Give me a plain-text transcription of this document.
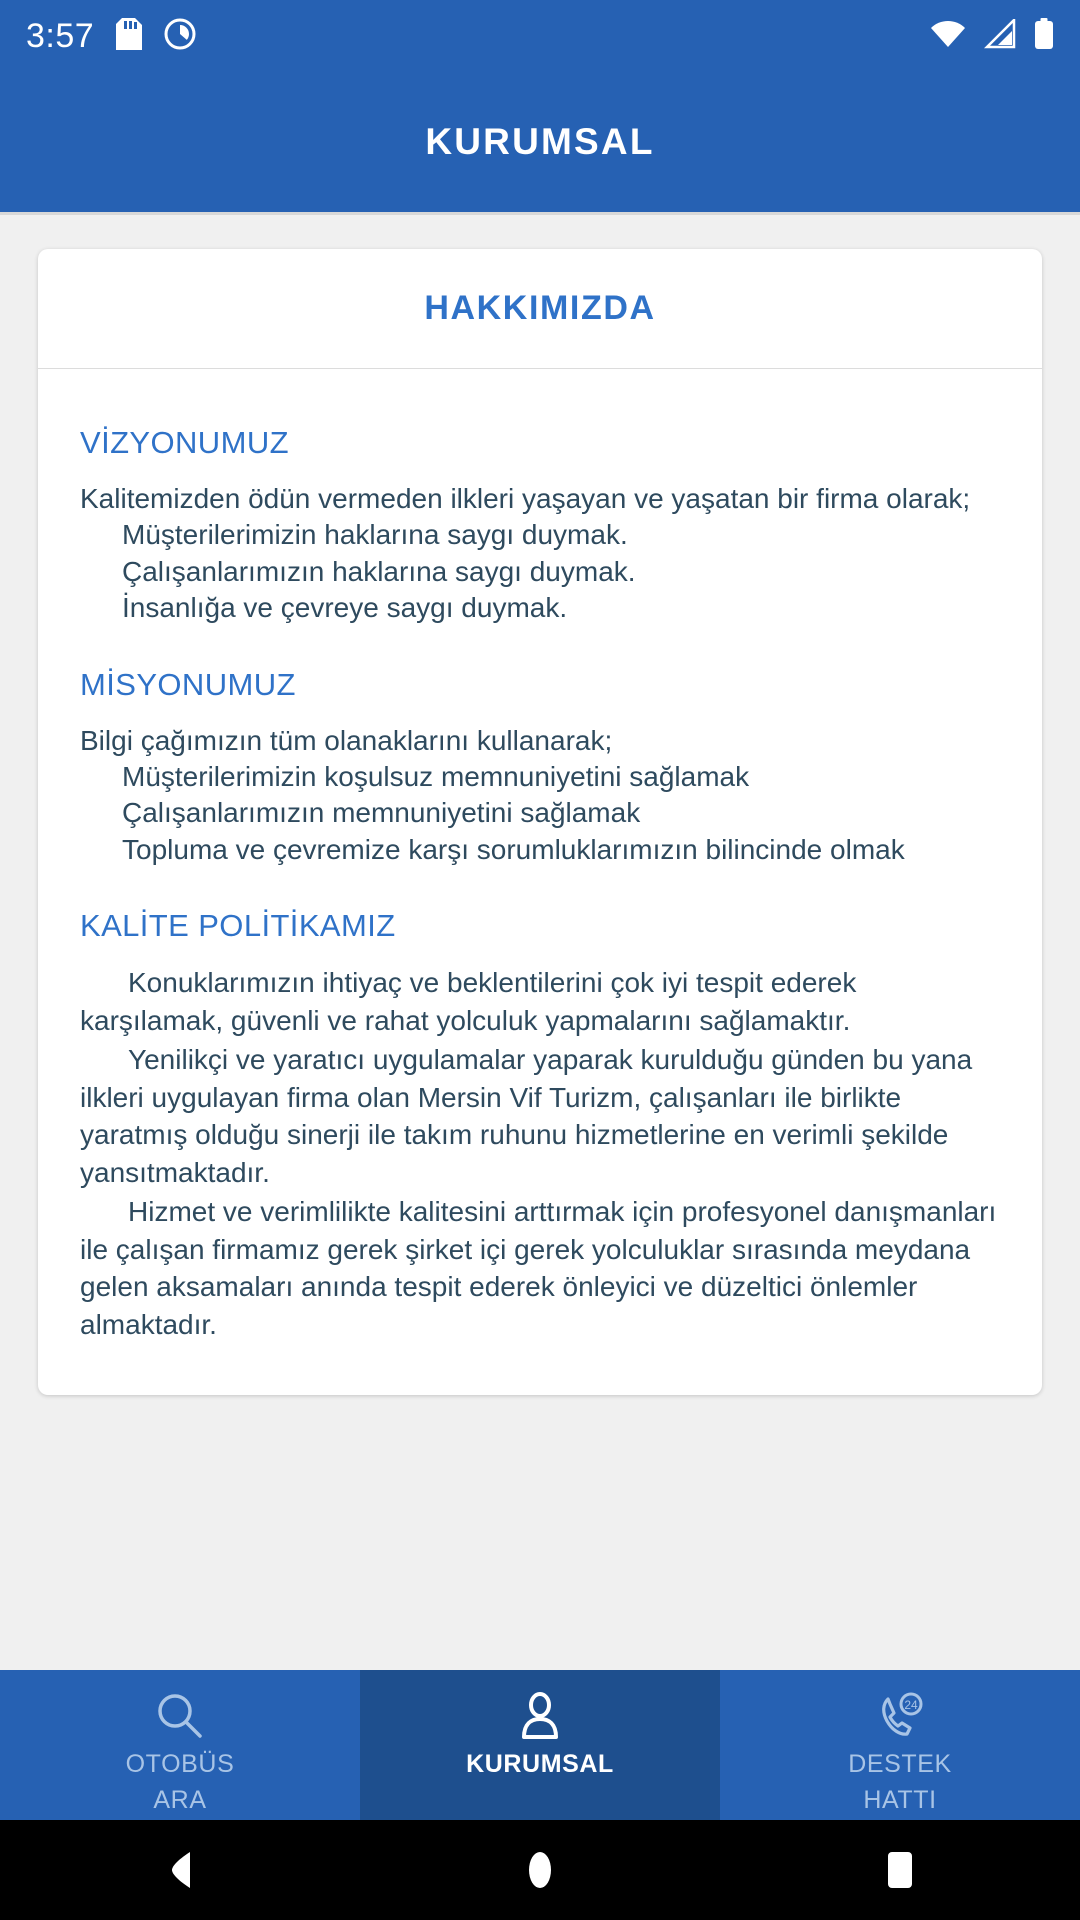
3:57
KURUMSAL
HAKKIMIZDA
VİZYONUMUZ
Kalitemizden ödün vermeden ilkleri yaşayan ve yaşatan bir firma olarak;
Müşterilerimizin haklarına saygı duymak.
Çalışanlarımızın haklarına saygı duymak.
İnsanlığa ve çevreye saygı duymak.
MİSYONUMUZ
Bilgi çağımızın tüm olanaklarını kullanarak;
Müşterilerimizin koşulsuz memnuniyetini sağlamak
Çalışanlarımızın memnuniyetini sağlamak
Topluma ve çevremize karşı sorumluklarımızın bilincinde olmak
KALİTE POLİTİKAMIZ
Konuklarımızın ihtiyaç ve beklentilerini çok iyi tespit ederek karşılamak, güvenli ve rahat yolculuk yapmalarını sağlamaktır.
Yenilikçi ve yaratıcı uygulamalar yaparak kurulduğu günden bu yana ilkleri uygulayan firma olan Mersin Vif Turizm, çalışanları ile birlikte yaratmış olduğu sinerji ile takım ruhunu hizmetlerine en verimli şekilde yansıtmaktadır.
Hizmet ve verimlilikte kalitesini arttırmak için profesyonel danışmanları ile çalışan firmamız gerek şirket içi gerek yolculuklar sırasında meydana gelen aksamaları anında tespit ederek önleyici ve düzeltici önlemler almaktadır.
OTOBÜS
ARA
KURUMSAL
24
DESTEK
HATTI
